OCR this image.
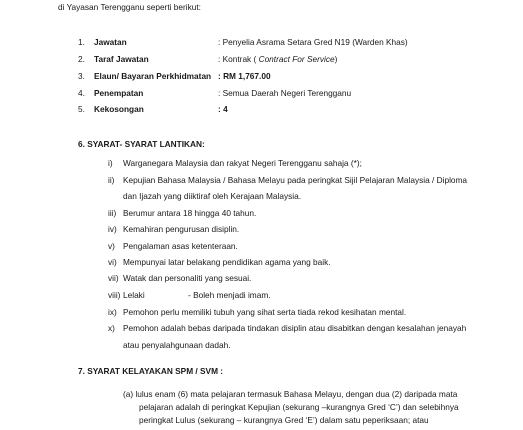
di Yayasan Terengganu seperti berikut:
1. Jawatan	: Penyelia Asrama Setara Gred N19 (Warden Khas)
2. Taraf Jawatan	: Kontrak ( Contract For Service)
3. Elaun/ Bayaran Perkhidmatan : RM 1,767.00
4. Penempatan	: Semua Daerah Negeri Terengganu
5. Kekosongan	: 4
6. SYARAT- SYARAT LANTIKAN:
i) Warganegara Malaysia dan rakyat Negeri Terengganu sahaja (*);
ii) Kepujian Bahasa Malaysia / Bahasa Melayu pada peringkat Sijil Pelajaran Malaysia / Diploma
dan Ijazah yang diiktiraf oleh Kerajaan Malaysia.
iii) Berumur antara 18 hingga 40 tahun.
iv) Kemahiran pengurusan disiplin.
v) Pengalaman asas ketenteraan.
vi) Mempunyai latar belakang pendidikan agama yang baik.
vii) Watak dan personaliti yang sesuai.
viii) Lelaki	- Boleh menjadi imam.
ix) Pemohon perlu memiliki tubuh yang sihat serta tiada rekod kesihatan mental.
x) Pemohon adalah bebas daripada tindakan disiplin atau disabitkan dengan kesalahan jenayah
atau penyalahgunaan dadah.
7. SYARAT KELAYAKAN SPM / SVM :
(a) lulus enam (6) mata pelajaran termasuk Bahasa Melayu, dengan dua (2) daripada mata
pelajaran adalah di peringkat Kepujian (sekurang –kurangnya Gred ‘C’) dan selebihnya
peringkat Lulus (sekurang – kurangnya Gred ‘E’) dalam satu peperiksaan; atau
